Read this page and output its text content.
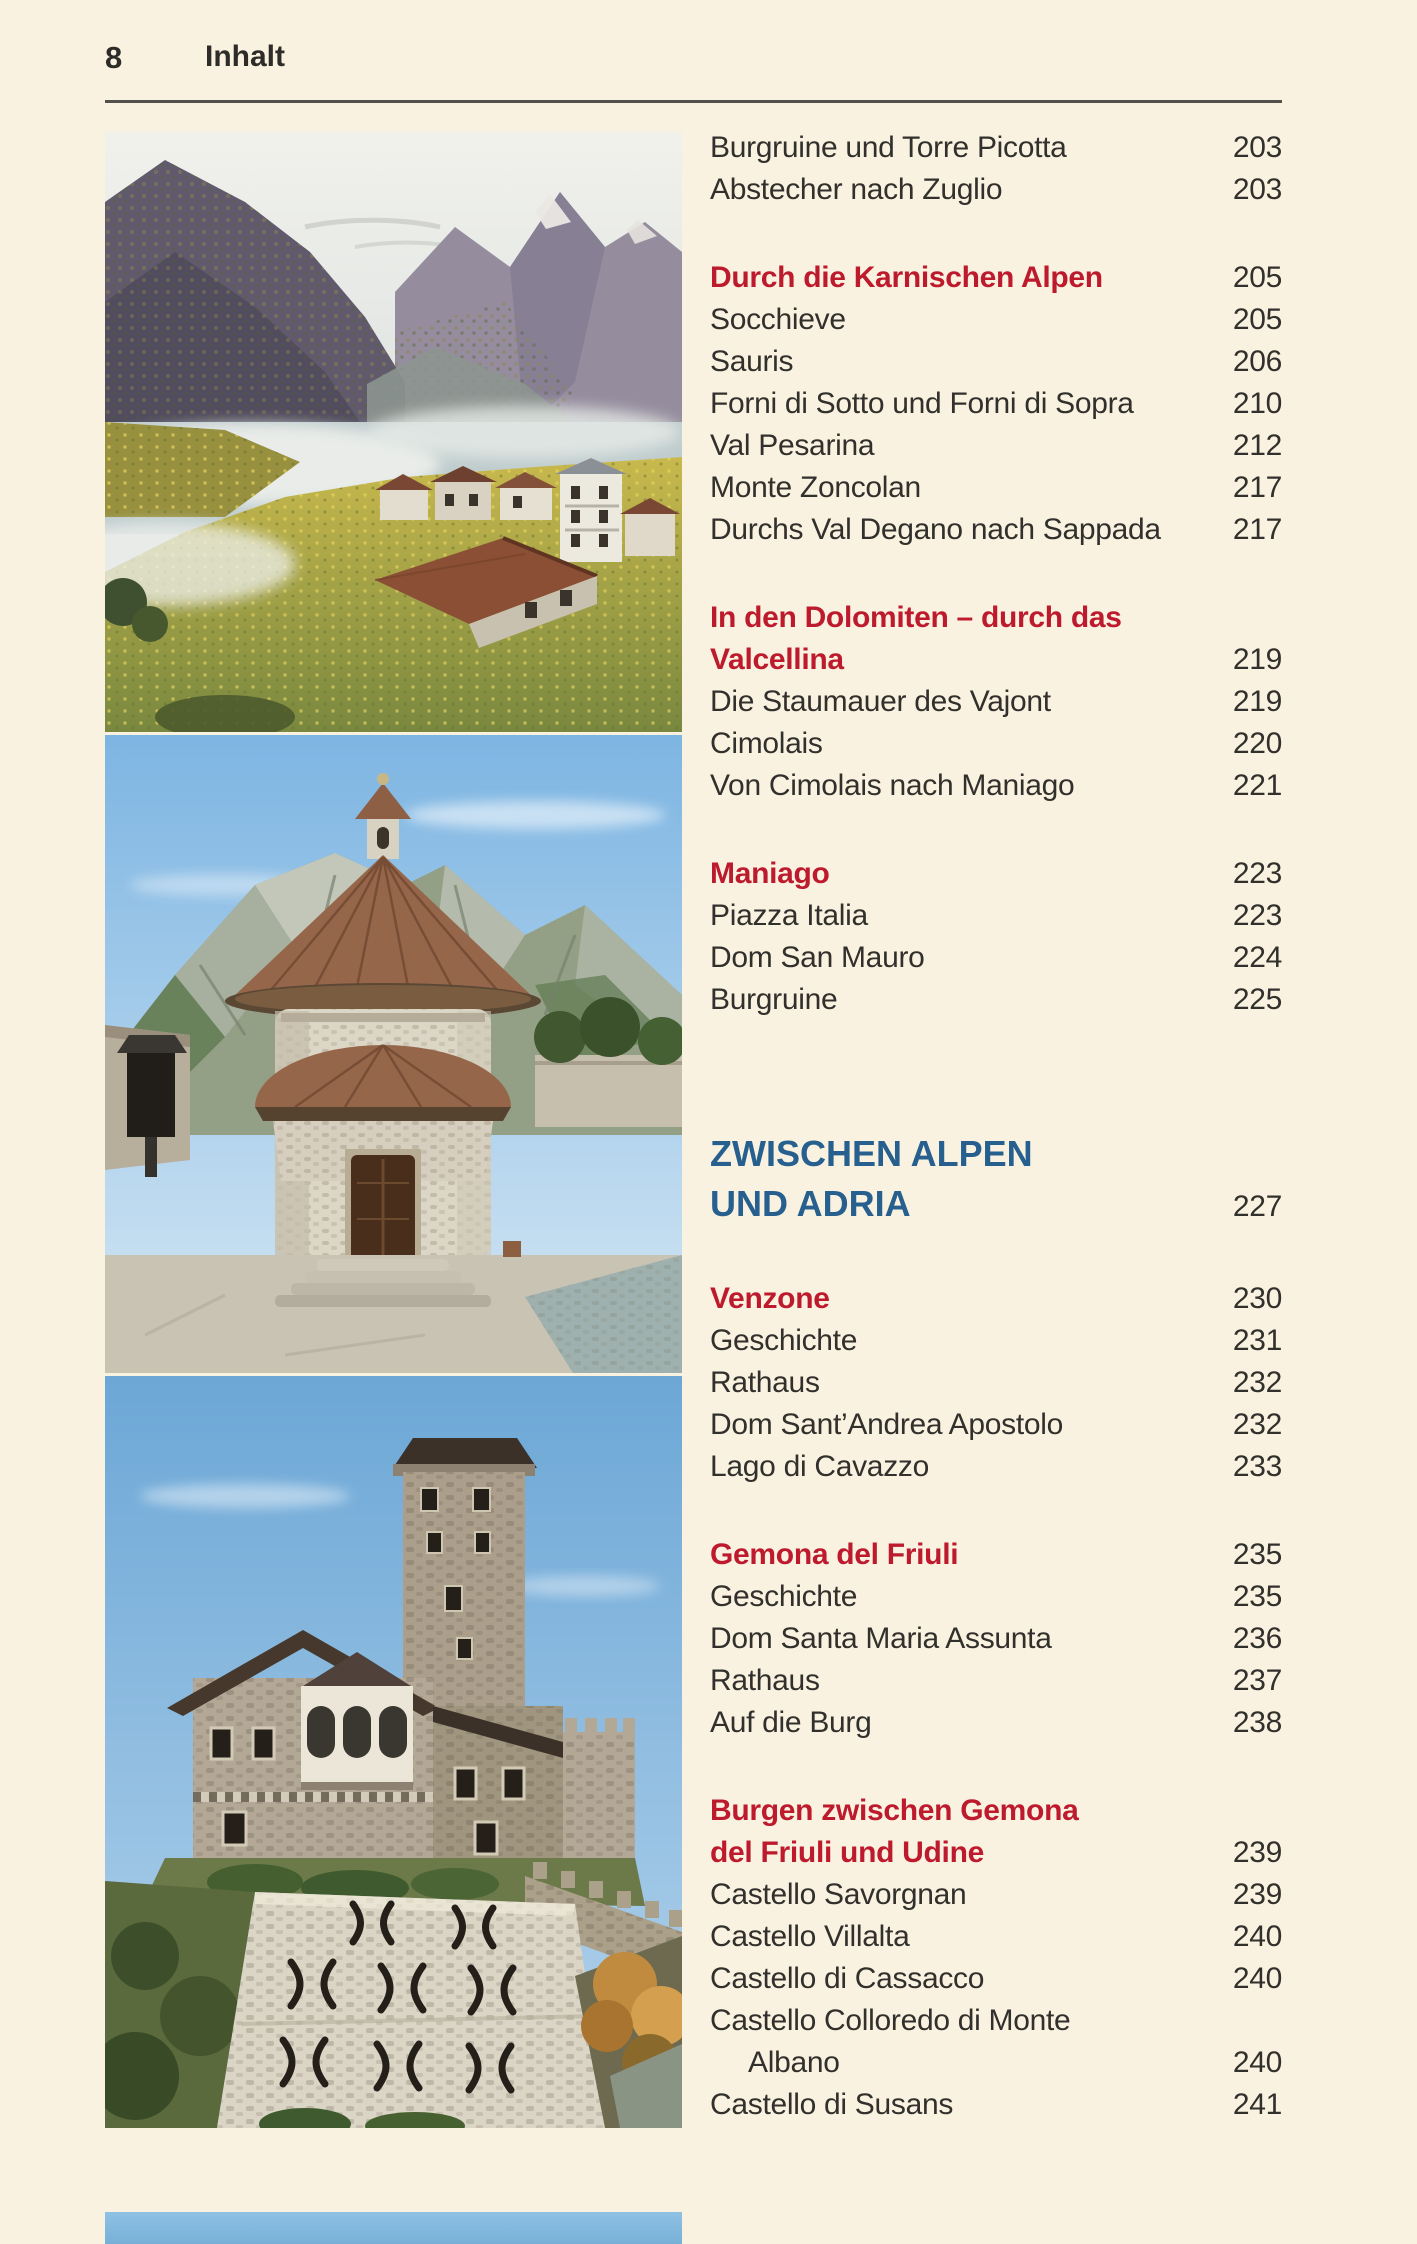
8	Inhalt
Burgruine und Torre Picotta	203
Abstecher nach Zuglio	203
Durch die Karnischen Alpen	205
Socchieve	205
Sauris	206
Forni di Sotto und Forni di Sopra	210
Val Pesarina	212
Monte Zoncolan	217
Durchs Val Degano nach Sappada	217
In den Dolomiten – durch das
Valcellina	219
Die Staumauer des Vajont	219
Cimolais	220
Von Cimolais nach Maniago	221
Maniago	223
Piazza Italia	223
Dom San Mauro	224
Burgruine	225
ZWISCHEN ALPEN
UND ADRIA	227
Venzone	230
Geschichte	231
Rathaus	232
Dom Sant’Andrea Apostolo	232
Lago di Cavazzo	233
Gemona del Friuli	235
Geschichte	235
Dom Santa Maria Assunta	236
Rathaus	237
Auf die Burg	238
Burgen zwischen Gemona
del Friuli und Udine	239
Castello Savorgnan	239
Castello Villalta	240
Castello di Cassacco	240
Castello Colloredo di Monte
Albano	240
Castello di Susans	241
